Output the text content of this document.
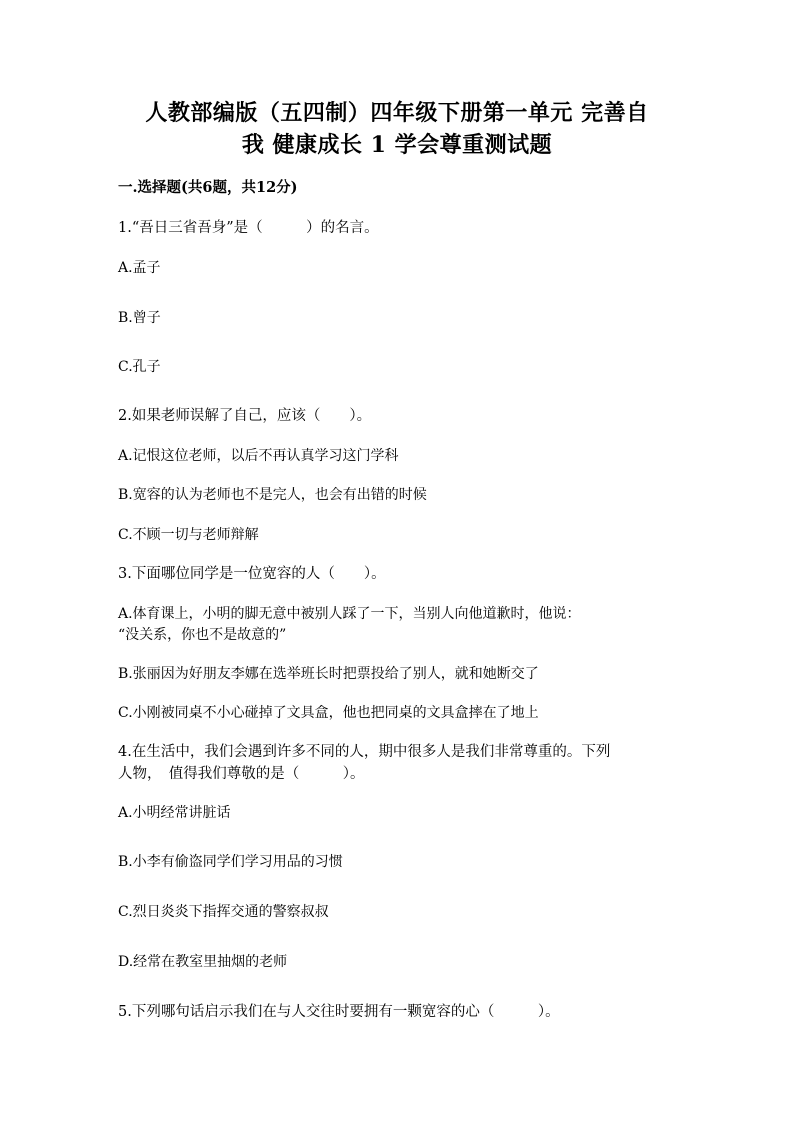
人教部编版（五四制）四年级下册第一单元 完善自
我 健康成长 1 学会尊重测试题
一.选择题(共6题，共12分)
1.“吾日三省吾身”是（　　　）的名言。
A.孟子
B.曾子
C.孔子
2.如果老师误解了自己，应该（　　）。
A.记恨这位老师，以后不再认真学习这门学科
B.宽容的认为老师也不是完人，也会有出错的时候
C.不顾一切与老师辩解
3.下面哪位同学是一位宽容的人（　　）。
A.体育课上，小明的脚无意中被别人踩了一下，当别人向他道歉时，他说：
“没关系，你也不是故意的”
B.张丽因为好朋友李娜在选举班长时把票投给了别人，就和她断交了
C.小刚被同桌不小心碰掉了文具盒，他也把同桌的文具盒摔在了地上
4.在生活中，我们会遇到许多不同的人，期中很多人是我们非常尊重的。下列
人物，　值得我们尊敬的是（　　　）。
A.小明经常讲脏话
B.小李有偷盗同学们学习用品的习惯
C.烈日炎炎下指挥交通的警察叔叔
D.经常在教室里抽烟的老师
5.下列哪句话启示我们在与人交往时要拥有一颗宽容的心（　　　）。
